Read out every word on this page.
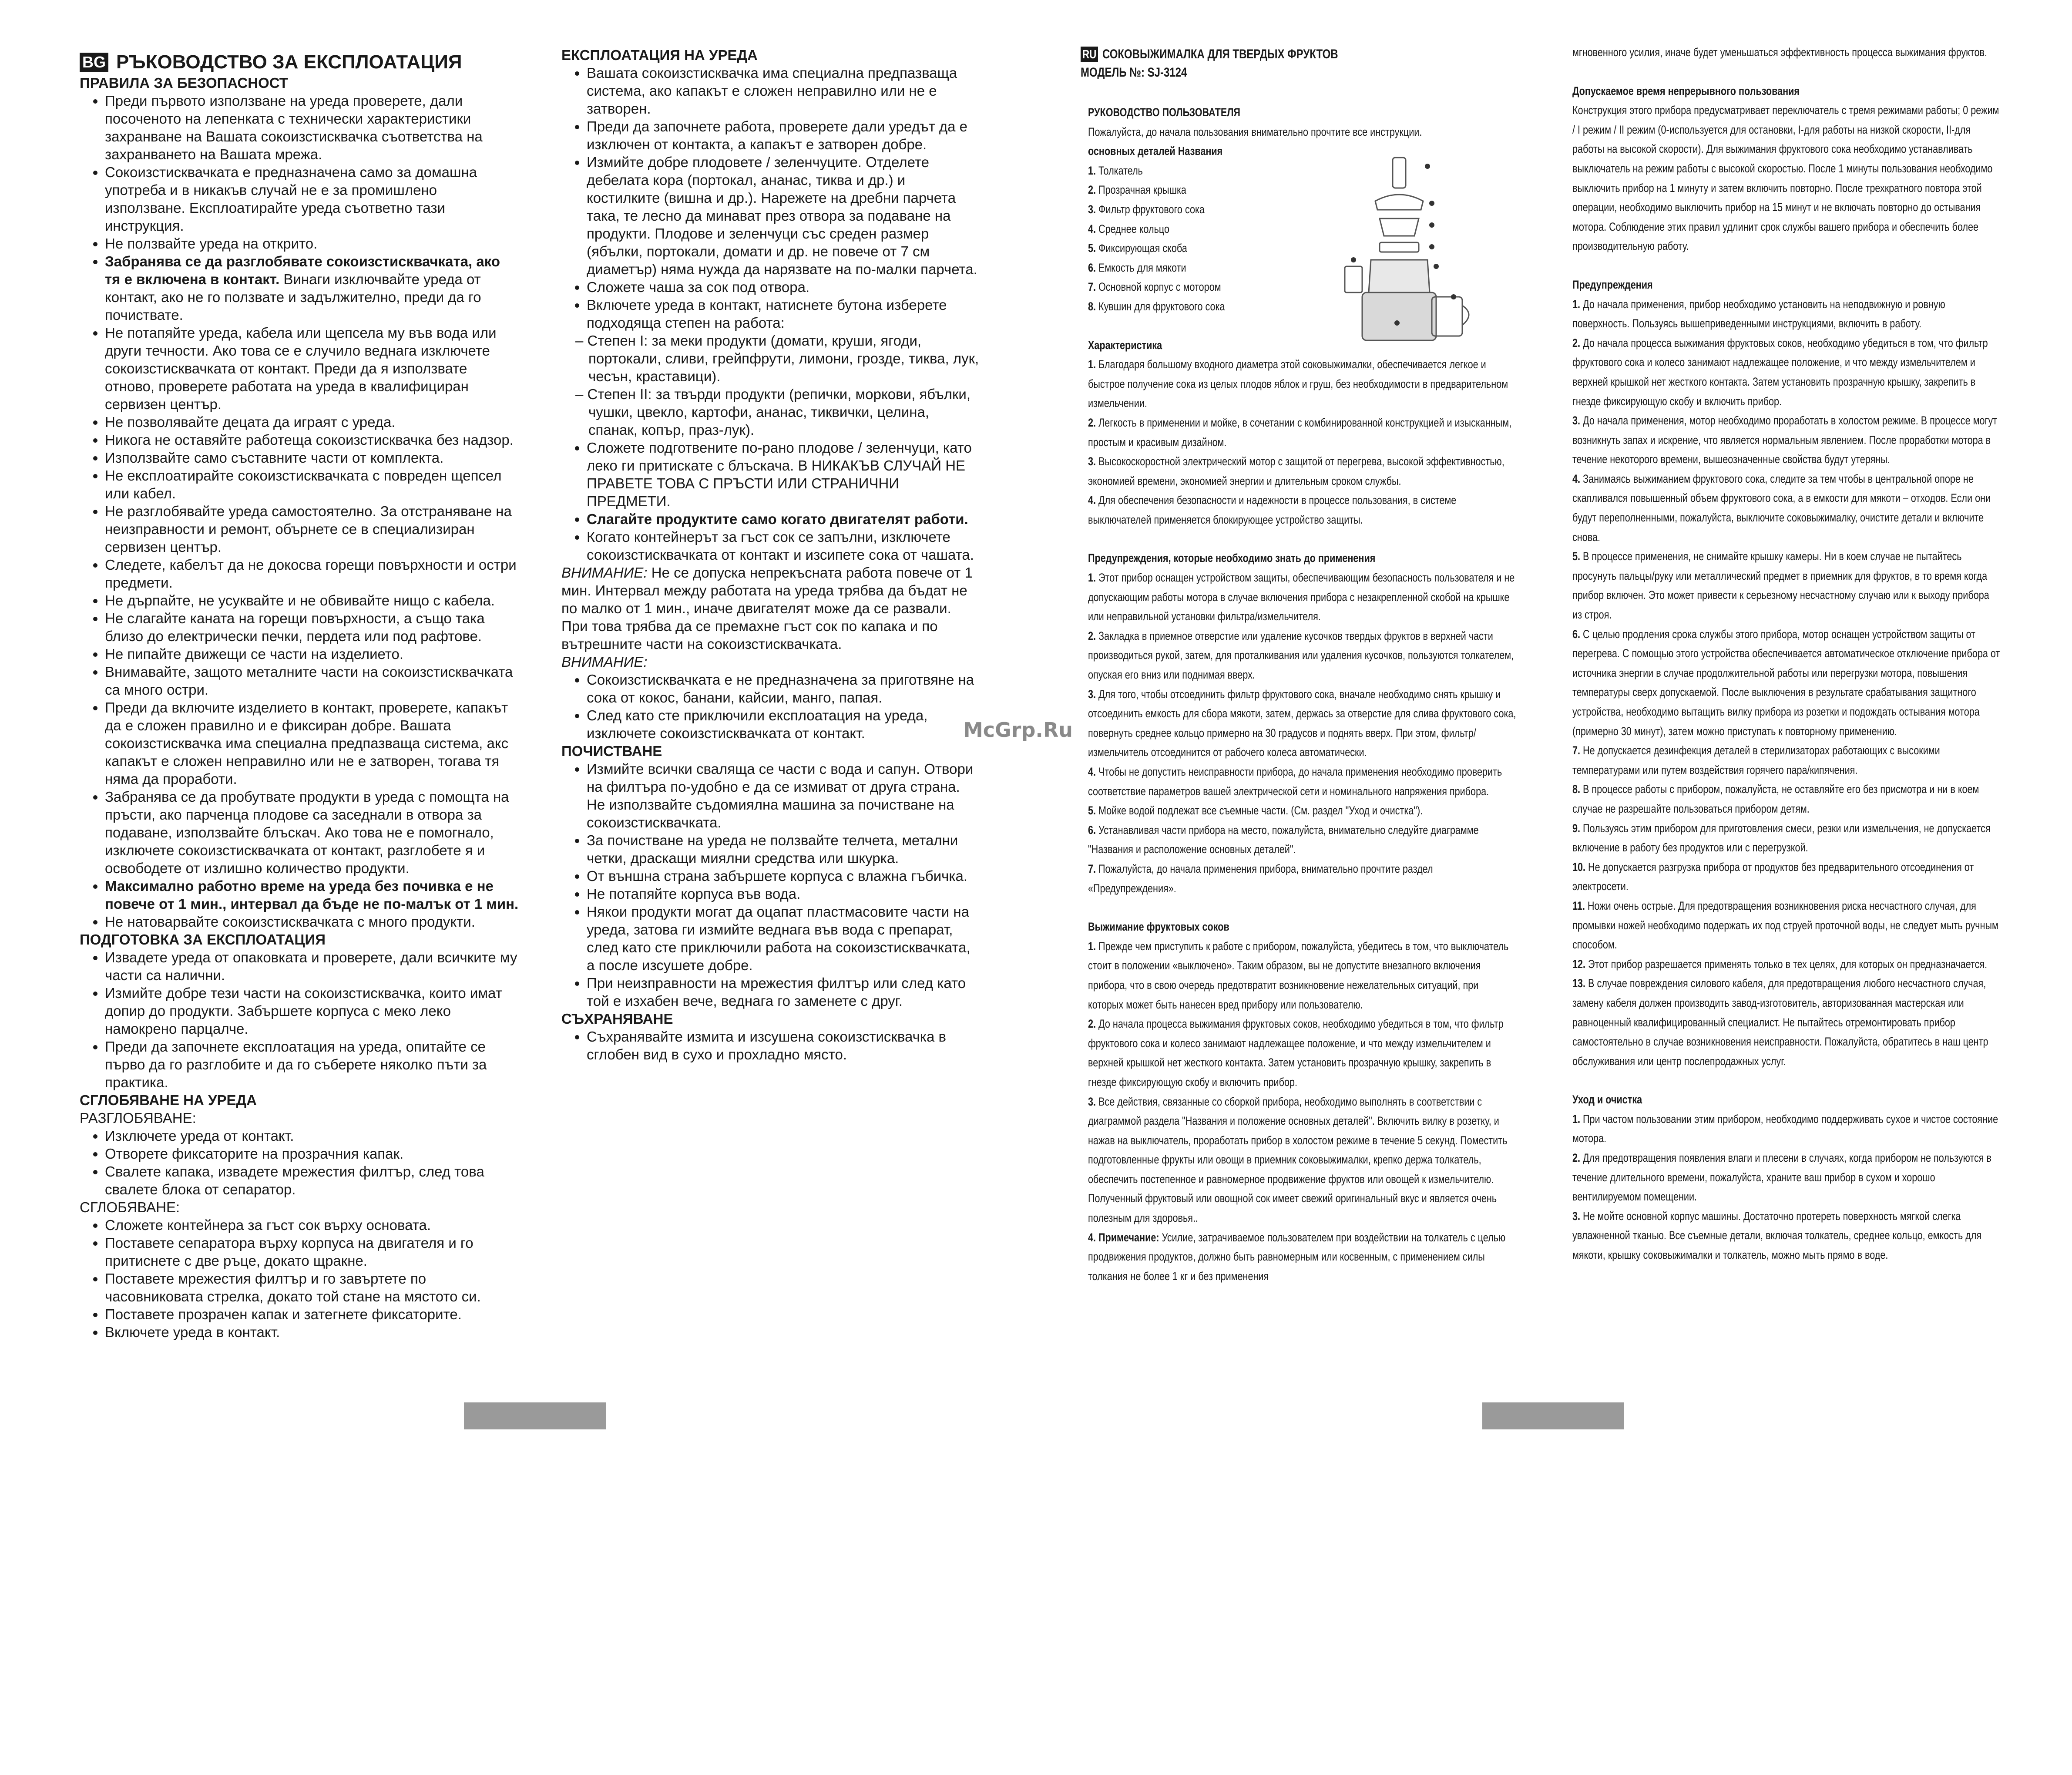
BG РЪКОВОДСТВО ЗА ЕКСПЛОАТАЦИЯ

ПРАВИЛА ЗА БЕЗОПАСНОСТ

• Преди първото използване на уреда проверете, дали посоченото на лепенката с технически характеристики захранване на Вашата сокоизстисквачка съответства на захранването на Вашата мрежа.
• Сокоизстисквачката е предназначена само за домашна употреба и в никакъв случай не е за промишлено използване. Експлоатирайте уреда съответно тази инструкция.
• Не ползвайте уреда на открито.
• Забранява се да разглобявате сокоизстисквачката, ако тя е включена в контакт. Винаги изключвайте уреда от контакт, ако не го ползвате и задължително, преди да го почиствате.
• Не потапяйте уреда, кабела или щепсела му във вода или други течности. Ако това се е случило веднага изключете сокоизстисквачката от контакт. Преди да я използвате отново, проверете работата на уреда в квалифициран сервизен център.
• Не позволявайте децата да играят с уреда.
• Никога не оставяйте работеща сокоизстисквачка без надзор.
• Използвайте само съставните части от комплекта.
• Не експлоатирайте сокоизстисквачката с повреден щепсел или кабел.
• Не разглобявайте уреда самостоятелно. За отстраняване на неизправности и ремонт, обърнете се в специализиран сервизен център.
• Следете, кабелът да не докосва горещи повърхности и остри предмети.
• Не дърпайте, не усуквайте и не обвивайте нищо с кабела.
• Не слагайте каната на горещи повърхности, а също така близо до електрически печки, пердета или под рафтове.
• Не пипайте движещи се части на изделието.
• Внимавайте, защото металните части на сокоизстисквачката са много остри.
• Преди да включите изделието в контакт, проверете, капакът да е сложен правилно и е фиксиран добре. Вашата сокоизстисквачка има специална предпазваща система, акс капакът е сложен неправилно или не е затворен, тогава тя няма да проработи.
• Забранява се да пробутвате продукти в уреда с помощта на пръсти, ако парченца плодове са заседнали в отвора за подаване, използвайте блъскач. Ако това не е помогнало, изключете сокоизстисквачката от контакт, разглобете я и освободете от излишно количество продукти.
• Максимално работно време на уреда без почивка е не повече от 1 мин., интервал да бъде не по-малък от 1 мин.
• Не натоварвайте сокоизстисквачката с много продукти.

ПОДГОТОВКА ЗА ЕКСПЛОАТАЦИЯ

• Извадете уреда от опаковката и проверете, дали всичките му части са налични.
• Измийте добре тези части на сокоизстисквачка, които имат допир до продукти. Забършете корпуса с меко леко намокрено парцалче.
• Преди да започнете експлоатация на уреда, опитайте се първо да го разглобите и да го съберете няколко пъти за практика.

СГЛОБЯВАНЕ НА УРЕДА

РАЗГЛОБЯВАНЕ:

• Изключете уреда от контакт.
• Отворете фиксаторите на прозрачния капак.
• Свалете капака, извадете мрежестия филтър, след това свалете блока от сепаратор.

СГЛОБЯВАНЕ:

• Сложете контейнера за гъст сок върху основата.
• Поставете сепаратора върху корпуса на двигателя и го притиснете с две ръце, докато щракне.
• Поставете мрежестия филтър и го завъртете по часовниковата стрелка, докато той стане на мястото си.
• Поставете прозрачен капак и затегнете фиксаторите.
• Включете уреда в контакт.

ЕКСПЛОАТАЦИЯ НА УРЕДА

• Вашата сокоизстисквачка има специална предпазваща система, ако капакът е сложен неправилно или не е затворен.
• Преди да започнете работа, проверете дали уредът да е изключен от контакта, а капакът е затворен добре.
• Измийте добре плодовете / зеленчуците. Отделете дебелата кора (портокал, ананас, тиква и др.) и костилките (вишна и др.). Нарежете на дребни парчета така, те лесно да минават през отвора за подаване на продукти. Плодове и зеленчуци със среден размер (ябълки, портокали, домати и др. не повече от 7 см диаметър) няма нужда да нарязвате на по-малки парчета.
• Сложете чаша за сок под отвора.
• Включете уреда в контакт, натиснете бутона изберете подходяща степен на работа:
– Степен I: за меки продукти (домати, круши, ягоди, портокали, сливи, грейпфрути, лимони, грозде, тиква, лук, чесън, краставици).
– Степен II: за твърди продукти (репички, моркови, ябълки, чушки, цвекло, картофи, ананас, тиквички, целина, спанак, копър, праз-лук).
• Сложете подготвените по-рано плодове / зеленчуци, като леко ги притискате с блъскача. В НИКАКЪВ СЛУЧАЙ НЕ ПРАВЕТЕ ТОВА С ПРЪСТИ ИЛИ СТРАНИЧНИ ПРЕДМЕТИ.
• Слагайте продуктите само когато двигателят работи.
• Когато контейнерът за гъст сок се запълни, изключете сокоизстисквачката от контакт и изсипете сока от чашата.

ВНИМАНИЕ: Не се допуска непрекъсната работа повече от 1 мин. Интервал между работата на уреда трябва да бъдат не по малко от 1 мин., иначе двигателят може да се развали. При това трябва да се премахне гъст сок по капака и по вътрешните части на сокоизстисквачката.

ВНИМАНИЕ:

• Сокоизстисквачката е не предназначена за приготвяне на сока от кокос, банани, кайсии, манго, папая.
• След като сте приключили експлоатация на уреда, изключете сокоизстисквачката от контакт.

ПОЧИСТВАНЕ

• Измийте всички сваляща се части с вода и сапун. Отвори на филтъра по-удобно е да се измиват от друга страна. Не използвайте съдомиялна машина за почистване на сокоизстисквачката.
• За почистване на уреда не ползвайте телчета, метални четки, драскащи миялни средства или шкурка.
• От външна страна забършете корпуса с влажна гъбичка.
• Не потапяйте корпуса във вода.
• Някои продукти могат да оцапат пластмасовите части на уреда, затова ги измийте веднага във вода с препарат, след като сте приключили работа на сокоизстисквачката, а после изсушете добре.
• При неизправности на мрежестия филтър или след като той е изхабен вече, веднага го заменете с друг.

СЪХРАНЯВАНЕ

• Съхранявайте измита и изсушена сокоизстисквачка в сглобен вид в сухо и прохладно място.
McGrp.Ru
RU СОКОВЫЖИМАЛКА ДЛЯ ТВЕРДЫХ ФРУКТОВ
МОДЕЛЬ №: SJ-3124

РУКОВОДСТВО ПОЛЬЗОВАТЕЛЯ

Пожалуйста, до начала пользования внимательно прочтите все инструкции.

основных деталей Названия

1. Толкатель

2. Прозрачная крышка

3. Фильтр фруктового сока

4. Среднее кольцо

5. Фиксирующая скоба

6. Емкость для мякоти

7. Основной корпус с мотором

8. Кувшин для фруктового сока

Характеристика

1. Благодаря большому входного диаметра этой соковыжималки, обеспечивается легкое и быстрое получение сока из целых плодов яблок и груш, без необходимости в предварительном измельчении.

2. Легкость в применении и мойке, в сочетании с комбинированной конструкцией и изысканным, простым и красивым дизайном.

3. Высокоскоростной электрический мотор с защитой от перегрева, высокой эффективностью, экономией времени, экономией энергии и длительным сроком службы.

4. Для обеспечения безопасности и надежности в процессе пользования, в системе выключателей применяется блокирующее устройство защиты.

Предупреждения, которые необходимо знать до применения

1. Этот прибор оснащен устройством защиты, обеспечивающим безопасность пользователя и не допускающим работы мотора в случае включения прибора с незакрепленной скобой на крышке или неправильной установки фильтра/измельчителя.

2. Закладка в приемное отверстие или удаление кусочков твердых фруктов в верхней части производиться рукой, затем, для проталкивания или удаления кусочков, пользуются толкателем, опуская его вниз или поднимая вверх.

3. Для того, чтобы отсоединить фильтр фруктового сока, вначале необходимо снять крышку и отсоединить емкость для сбора мякоти, затем, держась за отверстие для слива фруктового сока, повернуть среднее кольцо примерно на 30 градусов и поднять вверх. При этом, фильтр/измельчитель отсоединится от рабочего колеса автоматически.

4. Чтобы не допустить неисправности прибора, до начала применения необходимо проверить соответствие параметров вашей электрической сети и номинального напряжения прибора.

5. Мойке водой подлежат все съемные части. (См. раздел "Уход и очистка").

6. Устанавливая части прибора на место, пожалуйста, внимательно следуйте диаграмме "Названия и расположение основных деталей".

7. Пожалуйста, до начала применения прибора, внимательно прочтите раздел «Предупреждения».

Выжимание фруктовых соков

1. Прежде чем приступить к работе с прибором, пожалуйста, убедитесь в том, что выключатель стоит в положении «выключено». Таким образом, вы не допустите внезапного включения прибора, что в свою очередь предотвратит возникновение нежелательных ситуаций, при которых может быть нанесен вред прибору или пользователю.

2. До начала процесса выжимания фруктовых соков, необходимо убедиться в том, что фильтр фруктового сока и колесо занимают надлежащее положение, и что между измельчителем и верхней крышкой нет жесткого контакта. Затем установить прозрачную крышку, закрепить в гнезде фиксирующую скобу и включить прибор.

3. Все действия, связанные со сборкой прибора, необходимо выполнять в соответствии с диаграммой раздела "Названия и положение основных деталей". Включить вилку в розетку, и нажав на выключатель, проработать прибор в холостом режиме в течение 5 секунд. Поместить подготовленные фрукты или овощи в приемник соковыжималки, крепко держа толкатель, обеспечить постепенное и равномерное продвижение фруктов или овощей к измельчителю. Полученный фруктовый или овощной сок имеет свежий оригинальный вкус и является очень полезным для здоровья..

4. Примечание: Усилие, затрачиваемое пользователем при воздействии на толкатель с целью продвижения продуктов, должно быть равномерным или косвенным, с применением силы толкания не более 1 кг и без применения

мгновенного усилия, иначе будет уменьшаться эффективность процесса выжимания фруктов.

Допускаемое время непрерывного пользования

Конструкция этого прибора предусматривает переключатель с тремя режимами работы; 0 режим / I режим / II режим (0-используется для остановки, I-для работы на низкой скорости, II-для работы на высокой скорости). Для выжимания фруктового сока необходимо устанавливать выключатель на режим работы с высокой скоростью. После 1 минуты пользования необходимо выключить прибор на 1 минуту и затем включить повторно. После трехкратного повтора этой операции, необходимо выключить прибор на 15 минут и не включать повторно до остывания мотора. Соблюдение этих правил удлинит срок службы вашего прибора и обеспечить более производительную работу.

Предупреждения

1. До начала применения, прибор необходимо установить на неподвижную и ровную поверхность. Пользуясь вышеприведенными инструкциями, включить в работу.

2. До начала процесса выжимания фруктовых соков, необходимо убедиться в том, что фильтр фруктового сока и колесо занимают надлежащее положение, и что между измельчителем и верхней крышкой нет жесткого контакта. Затем установить прозрачную крышку, закрепить в гнезде фиксирующую скобу и включить прибор.

3. До начала применения, мотор необходимо проработать в холостом режиме. В процессе могут возникнуть запах и искрение, что является нормальным явлением. После проработки мотора в течение некоторого времени, вышеозначенные свойства будут утеряны.

4. Занимаясь выжиманием фруктового сока, следите за тем чтобы в центральной опоре не скапливался повышенный объем фруктового сока, а в емкости для мякоти – отходов. Если они будут переполненными, пожалуйста, выключите соковыжималку, очистите детали и включите снова.

5. В процессе применения, не снимайте крышку камеры. Ни в коем случае не пытайтесь просунуть пальцы/руку или металлический предмет в приемник для фруктов, в то время когда прибор включен. Это может привести к серьезному несчастному случаю или к выходу прибора из строя.

6. С целью продления срока службы этого прибора, мотор оснащен устройством защиты от перегрева. С помощью этого устройства обеспечивается автоматическое отключение прибора от источника энергии в случае продолжительной работы или перегрузки мотора, повышения температуры сверх допускаемой. После выключения в результате срабатывания защитного устройства, необходимо вытащить вилку прибора из розетки и подождать остывания мотора (примерно 30 минут), затем можно приступать к повторному применению.

7. Не допускается дезинфекция деталей в стерилизаторах работающих с высокими температурами или путем воздействия горячего пара/кипячения.

8. В процессе работы с прибором, пожалуйста, не оставляйте его без присмотра и ни в коем случае не разрешайте пользоваться прибором детям.

9. Пользуясь этим прибором для приготовления смеси, резки или измельчения, не допускается включение в работу без продуктов или с перегрузкой.

10. Не допускается разгрузка прибора от продуктов без предварительного отсоединения от электросети.

11. Ножи очень острые. Для предотвращения возникновения риска несчастного случая, для промывки ножей необходимо подержать их под струей проточной воды, не следует мыть ручным способом.

12. Этот прибор разрешается применять только в тех целях, для которых он предназначается.

13. В случае повреждения силового кабеля, для предотвращения любого несчастного случая, замену кабеля должен производить завод-изготовитель, авторизованная мастерская или равноценный квалифицированный специалист. Не пытайтесь отремонтировать прибор самостоятельно в случае возникновения неисправности. Пожалуйста, обратитесь в наш центр обслуживания или центр послепродажных услуг.

Уход и очистка

1. При частом пользовании этим прибором, необходимо поддерживать сухое и чистое состояние мотора.

2. Для предотвращения появления влаги и плесени в случаях, когда прибором не пользуются в течение длительного времени, пожалуйста, храните ваш прибор в сухом и хорошо вентилируемом помещении.

3. Не мойте основной корпус машины. Достаточно протереть поверхность мягкой слегка увлажненной тканью. Все съемные детали, включая толкатель, среднее кольцо, емкость для мякоти, крышку соковыжималки и толкатель, можно мыть прямо в воде.
